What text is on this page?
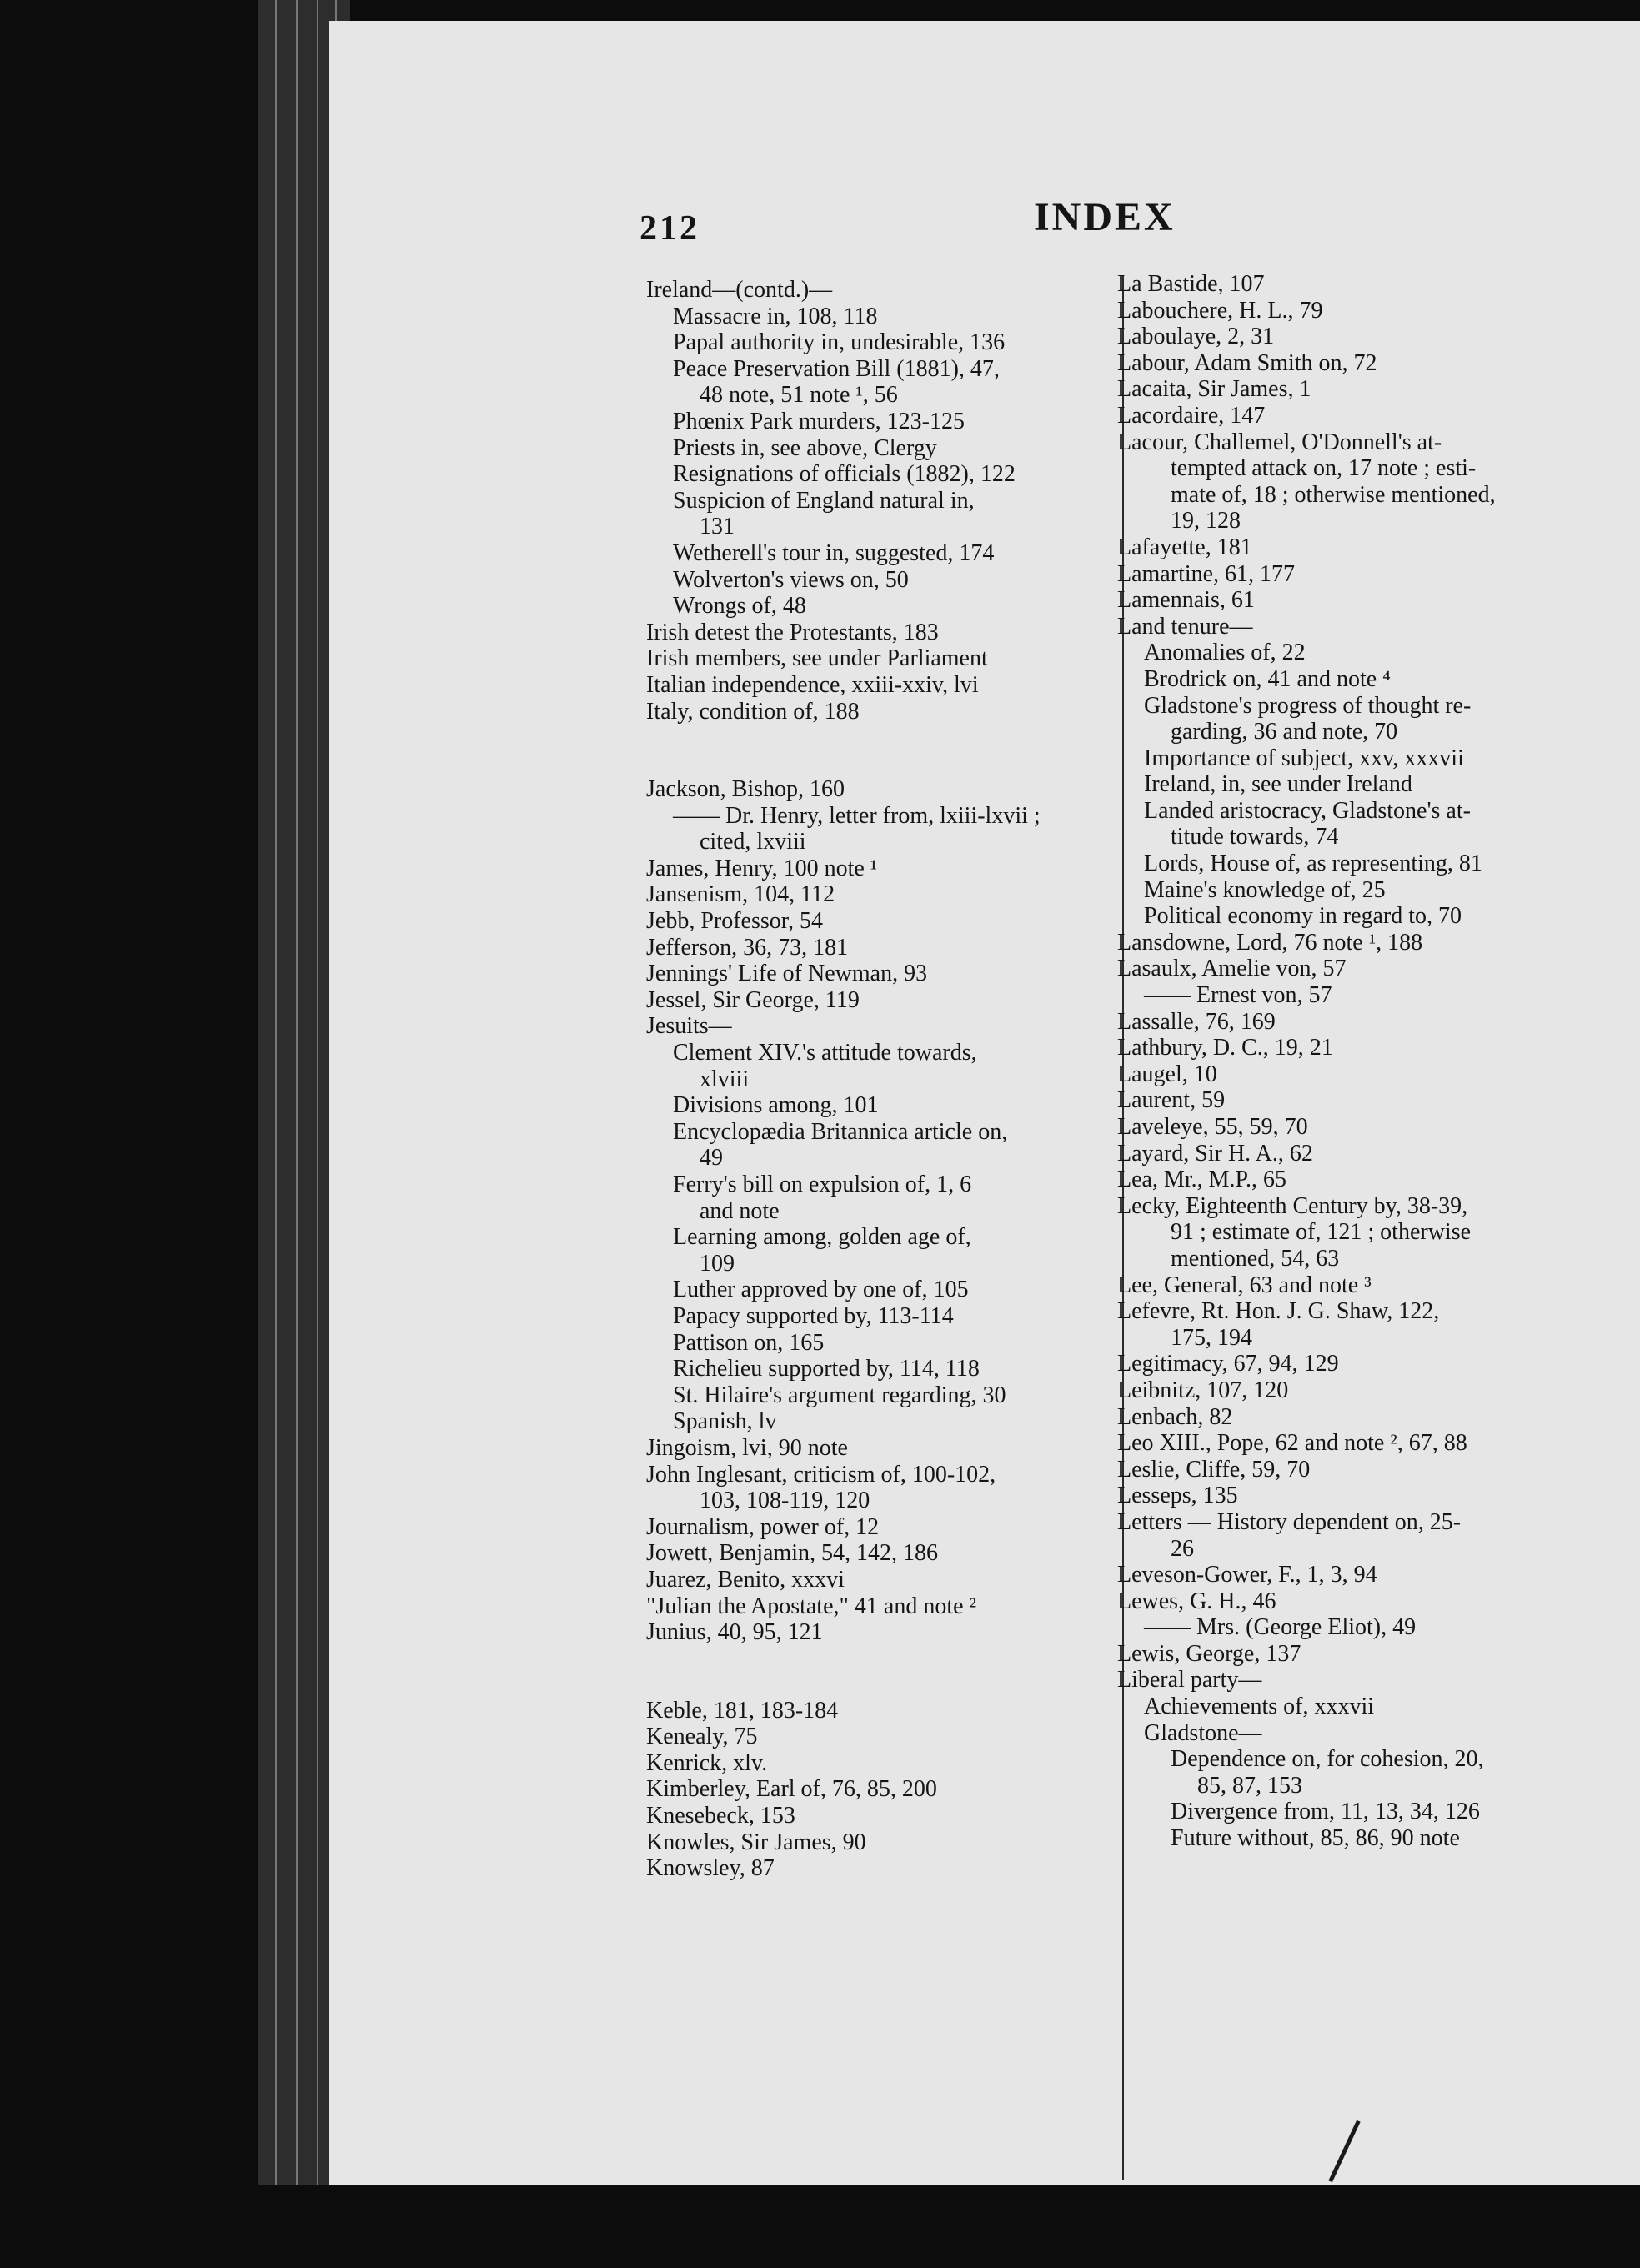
212	INDEX
Ireland—(contd.)—
Massacre in, 108, 118
Papal authority in, undesirable, 136
Peace Preservation Bill (1881), 47,
48 note, 51 note ¹, 56
Phœnix Park murders, 123-125
Priests in, see above, Clergy
Resignations of officials (1882), 122
Suspicion of England natural in,
131
Wetherell's tour in, suggested, 174
Wolverton's views on, 50
Wrongs of, 48
Irish detest the Protestants, 183
Irish members, see under Parliament
Italian independence, xxiii-xxiv, lvi
Italy, condition of, 188
Jackson, Bishop, 160
—— Dr. Henry, letter from, lxiii-lxvii ;
cited, lxviii
James, Henry, 100 note ¹
Jansenism, 104, 112
Jebb, Professor, 54
Jefferson, 36, 73, 181
Jennings' Life of Newman, 93
Jessel, Sir George, 119
Jesuits—
Clement XIV.'s attitude towards,
xlviii
Divisions among, 101
Encyclopædia Britannica article on,
49
Ferry's bill on expulsion of, 1, 6
and note
Learning among, golden age of,
109
Luther approved by one of, 105
Papacy supported by, 113-114
Pattison on, 165
Richelieu supported by, 114, 118
St. Hilaire's argument regarding, 30
Spanish, lv
Jingoism, lvi, 90 note
John Inglesant, criticism of, 100-102,
103, 108-119, 120
Journalism, power of, 12
Jowett, Benjamin, 54, 142, 186
Juarez, Benito, xxxvi
"Julian the Apostate," 41 and note ²
Junius, 40, 95, 121
Keble, 181, 183-184
Kenealy, 75
Kenrick, xlv.
Kimberley, Earl of, 76, 85, 200
Knesebeck, 153
Knowles, Sir James, 90
Knowsley, 87
La Bastide, 107
Labouchere, H. L., 79
Laboulaye, 2, 31
Labour, Adam Smith on, 72
Lacaita, Sir James, 1
Lacordaire, 147
Lacour, Challemel, O'Donnell's at-
tempted attack on, 17 note ; esti-
mate of, 18 ; otherwise mentioned,
19, 128
Lafayette, 181
Lamartine, 61, 177
Lamennais, 61
Land tenure—
Anomalies of, 22
Brodrick on, 41 and note ⁴
Gladstone's progress of thought re-
garding, 36 and note, 70
Importance of subject, xxv, xxxvii
Ireland, in, see under Ireland
Landed aristocracy, Gladstone's at-
titude towards, 74
Lords, House of, as representing, 81
Maine's knowledge of, 25
Political economy in regard to, 70
Lansdowne, Lord, 76 note ¹, 188
Lasaulx, Amelie von, 57
—— Ernest von, 57
Lassalle, 76, 169
Lathbury, D. C., 19, 21
Laugel, 10
Laurent, 59
Laveleye, 55, 59, 70
Layard, Sir H. A., 62
Lea, Mr., M.P., 65
Lecky, Eighteenth Century by, 38-39,
91 ; estimate of, 121 ; otherwise
mentioned, 54, 63
Lee, General, 63 and note ³
Lefevre, Rt. Hon. J. G. Shaw, 122,
175, 194
Legitimacy, 67, 94, 129
Leibnitz, 107, 120
Lenbach, 82
Leo XIII., Pope, 62 and note ², 67, 88
Leslie, Cliffe, 59, 70
Lesseps, 135
Letters — History dependent on, 25-
26
Leveson-Gower, F., 1, 3, 94
Lewes, G. H., 46
—— Mrs. (George Eliot), 49
Lewis, George, 137
Liberal party—
Achievements of, xxxvii
Gladstone—
Dependence on, for cohesion, 20,
85, 87, 153
Divergence from, 11, 13, 34, 126
Future without, 85, 86, 90 note
